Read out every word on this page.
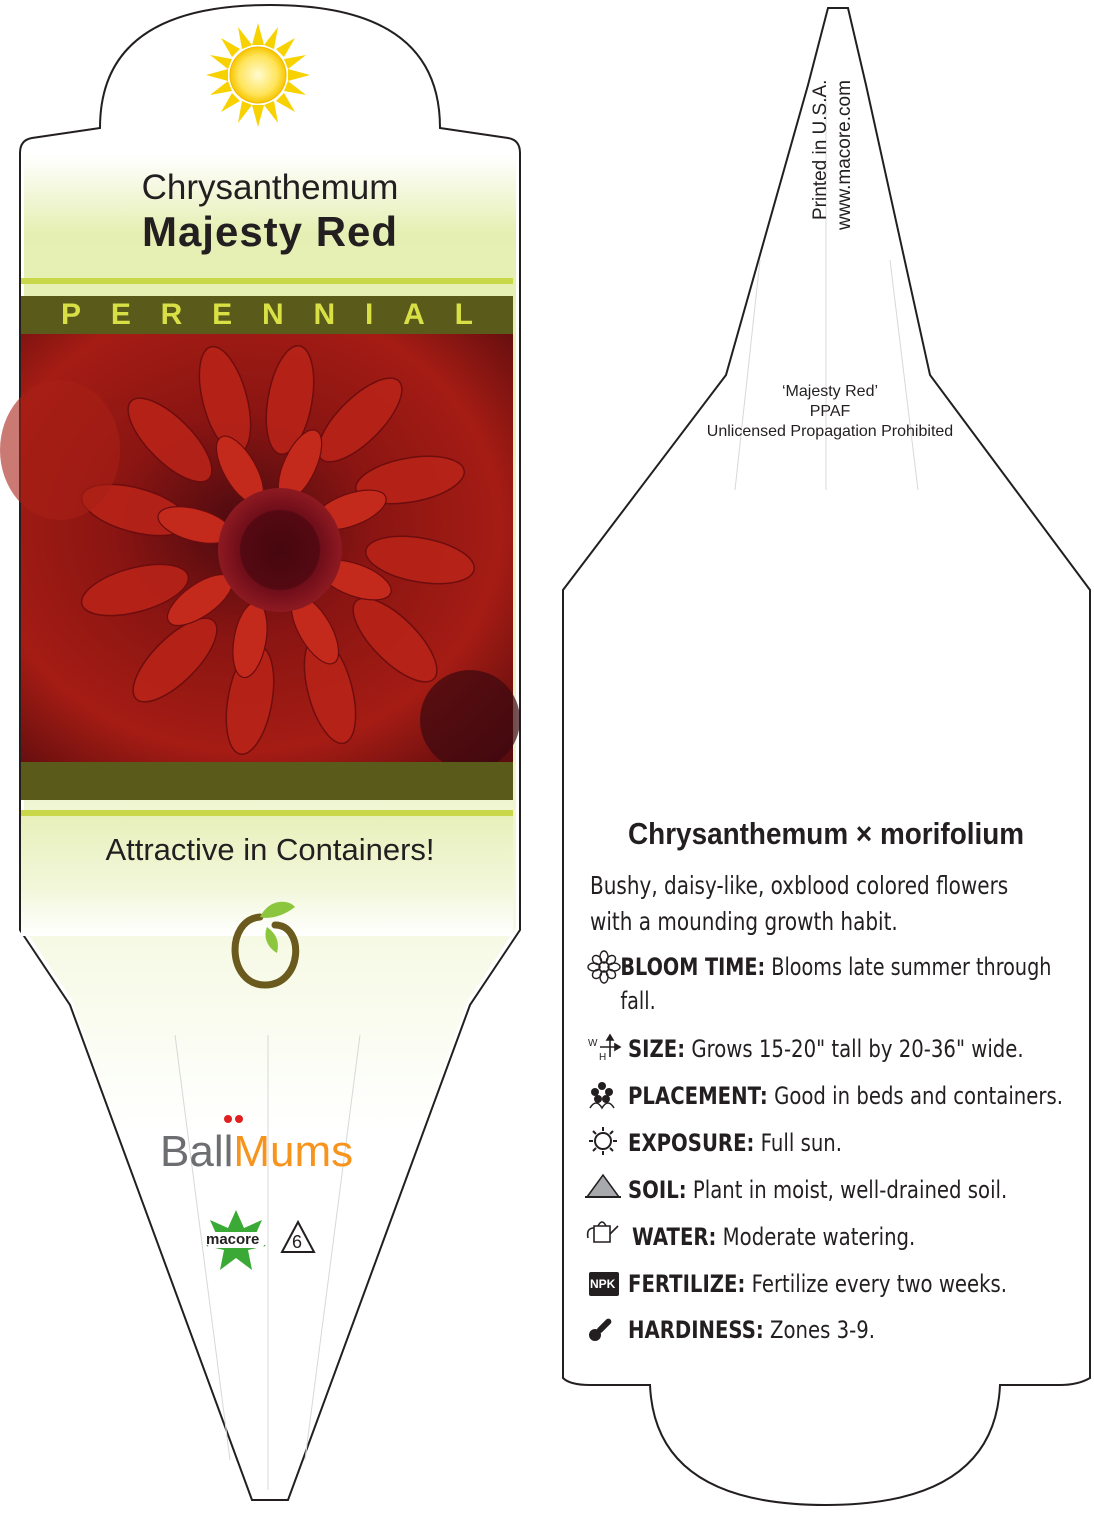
Chrysanthemum
Majesty Red
P E R E N N I A L
Attractive in Containers!
BallMums
macore 6
Printed in U.S.A. www.macore.com
‘Majesty Red’
PPAF
Unlicensed Propagation Prohibited
Chrysanthemum × morifolium
Bushy, daisy-like, oxblood colored flowers with a mounding growth habit.
BLOOM TIME: Blooms late summer through fall.
SIZE: Grows 15-20" tall by 20-36" wide.
W
H
PLACEMENT: Good in beds and containers.
EXPOSURE: Full sun.
SOIL: Plant in moist, well-drained soil.
WATER: Moderate watering.
FERTILIZE: Fertilize every two weeks.
NPK
HARDINESS: Zones 3-9.
